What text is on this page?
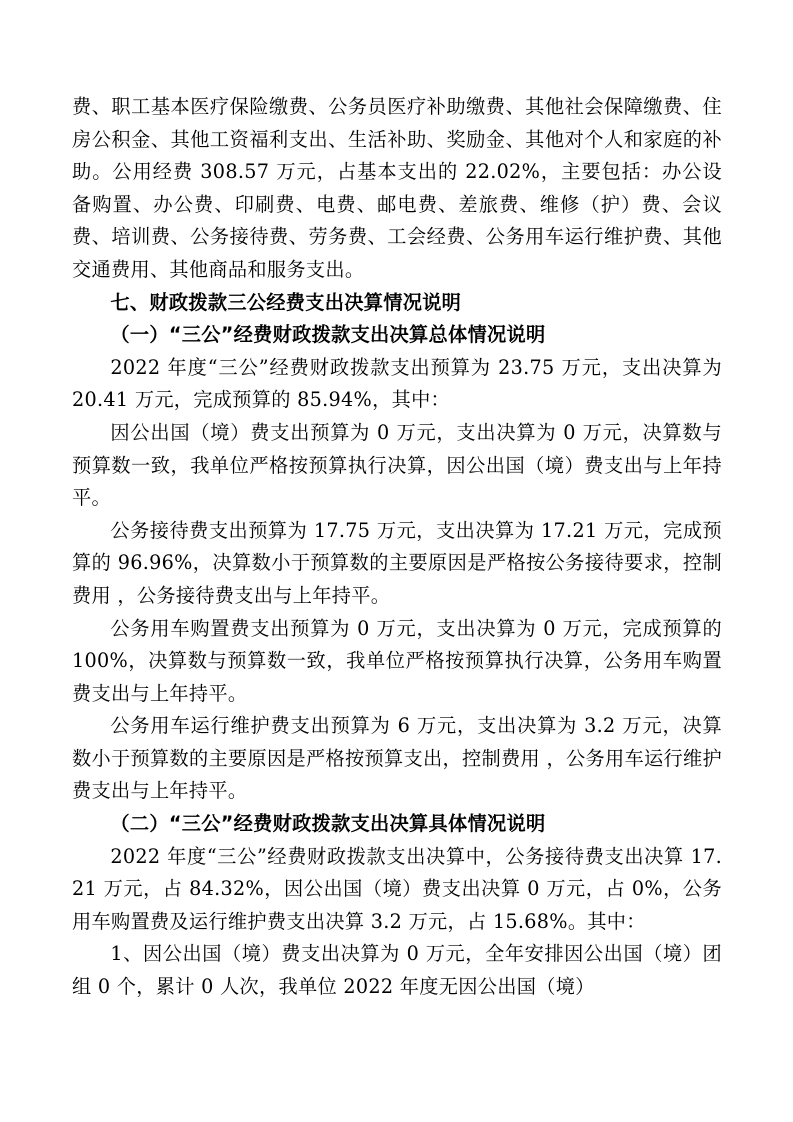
费、职工基本医疗保险缴费、公务员医疗补助缴费、其他社会保障缴费、住房公积金、其他工资福利支出、生活补助、奖励金、其他对个人和家庭的补助。公用经费 308.57 万元，占基本支出的 22.02%，主要包括：办公设备购置、办公费、印刷费、电费、邮电费、差旅费、维修（护）费、会议费、培训费、公务接待费、劳务费、工会经费、公务用车运行维护费、其他交通费用、其他商品和服务支出。

七、财政拨款三公经费支出决算情况说明

（一）“三公”经费财政拨款支出决算总体情况说明

2022 年度“三公”经费财政拨款支出预算为 23.75 万元，支出决算为 20.41 万元，完成预算的 85.94%，其中：

因公出国（境）费支出预算为 0 万元，支出决算为 0 万元，决算数与预算数一致，我单位严格按预算执行决算，因公出国（境）费支出与上年持平。

公务接待费支出预算为 17.75 万元，支出决算为 17.21 万元，完成预算的 96.96%，决算数小于预算数的主要原因是严格按公务接待要求，控制费用 ，公务接待费支出与上年持平。

公务用车购置费支出预算为 0 万元，支出决算为 0 万元，完成预算的 100%，决算数与预算数一致，我单位严格按预算执行决算，公务用车购置费支出与上年持平。

公务用车运行维护费支出预算为 6 万元，支出决算为 3.2 万元，决算数小于预算数的主要原因是严格按预算支出，控制费用 ，公务用车运行维护费支出与上年持平。

（二）“三公”经费财政拨款支出决算具体情况说明

2022 年度“三公”经费财政拨款支出决算中，公务接待费支出决算 17.21 万元，占 84.32%，因公出国（境）费支出决算 0 万元，占 0%，公务用车购置费及运行维护费支出决算 3.2 万元，占 15.68%。其中：

1、因公出国（境）费支出决算为 0 万元，全年安排因公出国（境）团组 0 个，累计 0 人次，我单位 2022 年度无因公出国（境）
